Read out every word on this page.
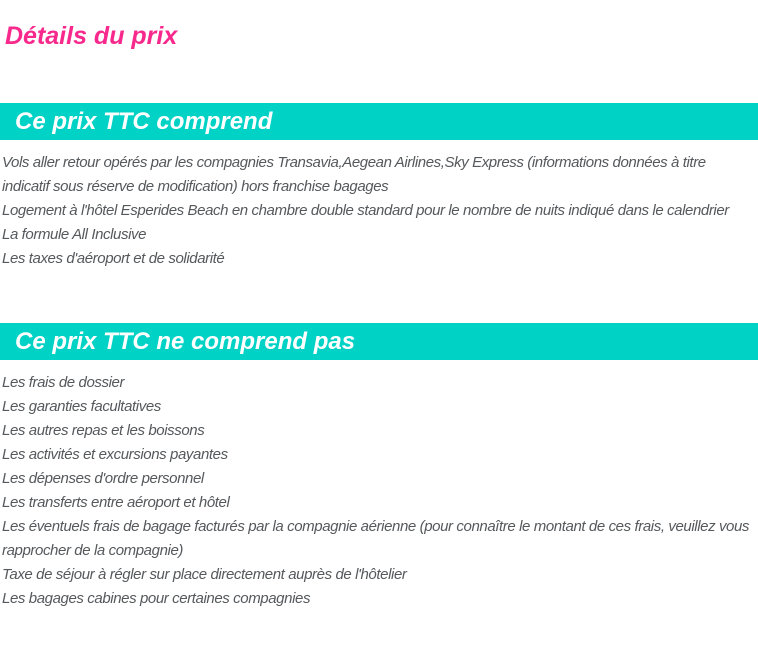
Détails du prix
Ce prix TTC comprend
Vols aller retour opérés par les compagnies Transavia,Aegean Airlines,Sky Express (informations données à titre indicatif sous réserve de modification) hors franchise bagages
Logement à l'hôtel Esperides Beach en chambre double standard pour le nombre de nuits indiqué dans le calendrier
La formule All Inclusive
Les taxes d'aéroport et de solidarité
Ce prix TTC ne comprend pas
Les frais de dossier
Les garanties facultatives
Les autres repas et les boissons
Les activités et excursions payantes
Les dépenses d'ordre personnel
Les transferts entre aéroport et hôtel
Les éventuels frais de bagage facturés par la compagnie aérienne (pour connaître le montant de ces frais, veuillez vous rapprocher de la compagnie)
Taxe de séjour à régler sur place directement auprès de l'hôtelier
Les bagages cabines pour certaines compagnies
